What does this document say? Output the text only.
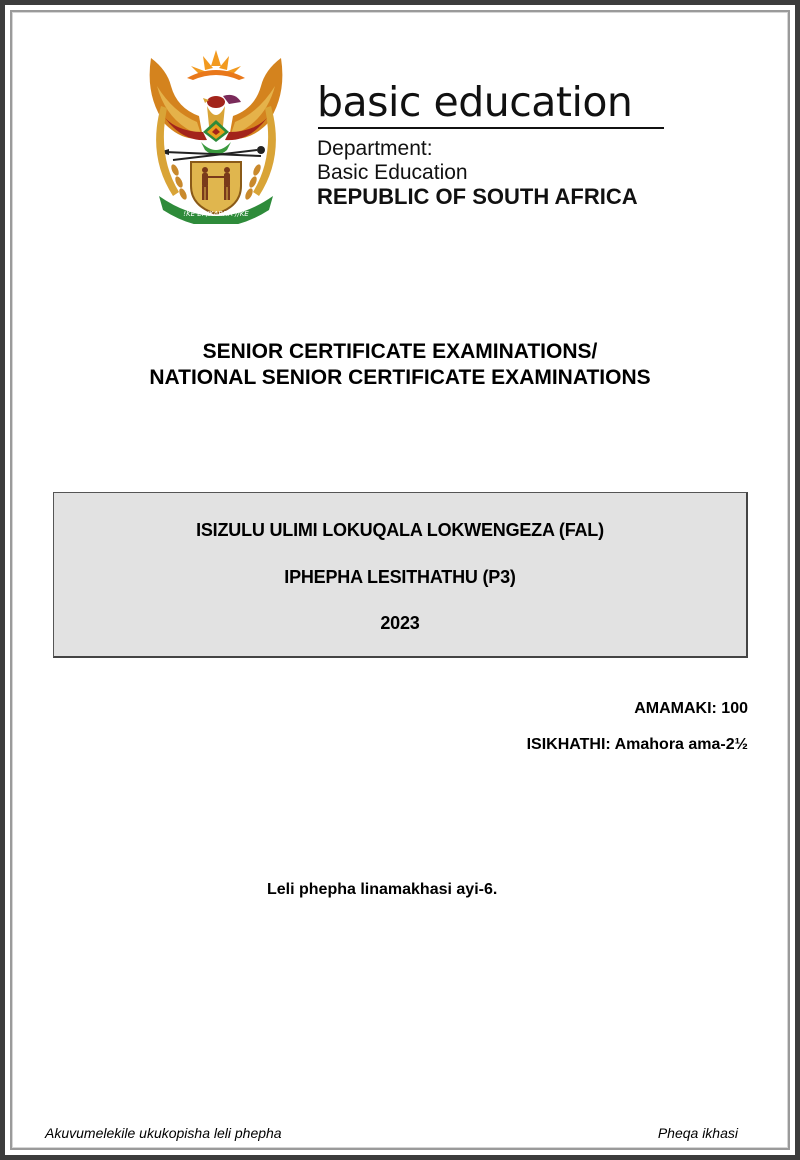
!KE E: /XARRA //KE
basic education
Department:
Basic Education
REPUBLIC OF SOUTH AFRICA
SENIOR CERTIFICATE EXAMINATIONS/
NATIONAL SENIOR CERTIFICATE EXAMINATIONS
ISIZULU ULIMI LOKUQALA LOKWENGEZA (FAL)
IPHEPHA LESITHATHU (P3)
2023
AMAMAKI: 100
ISIKHATHI: Amahora ama-2½
Leli phepha linamakhasi ayi-6.
Akuvumelekile ukukopisha leli phepha	Pheqa ikhasi
